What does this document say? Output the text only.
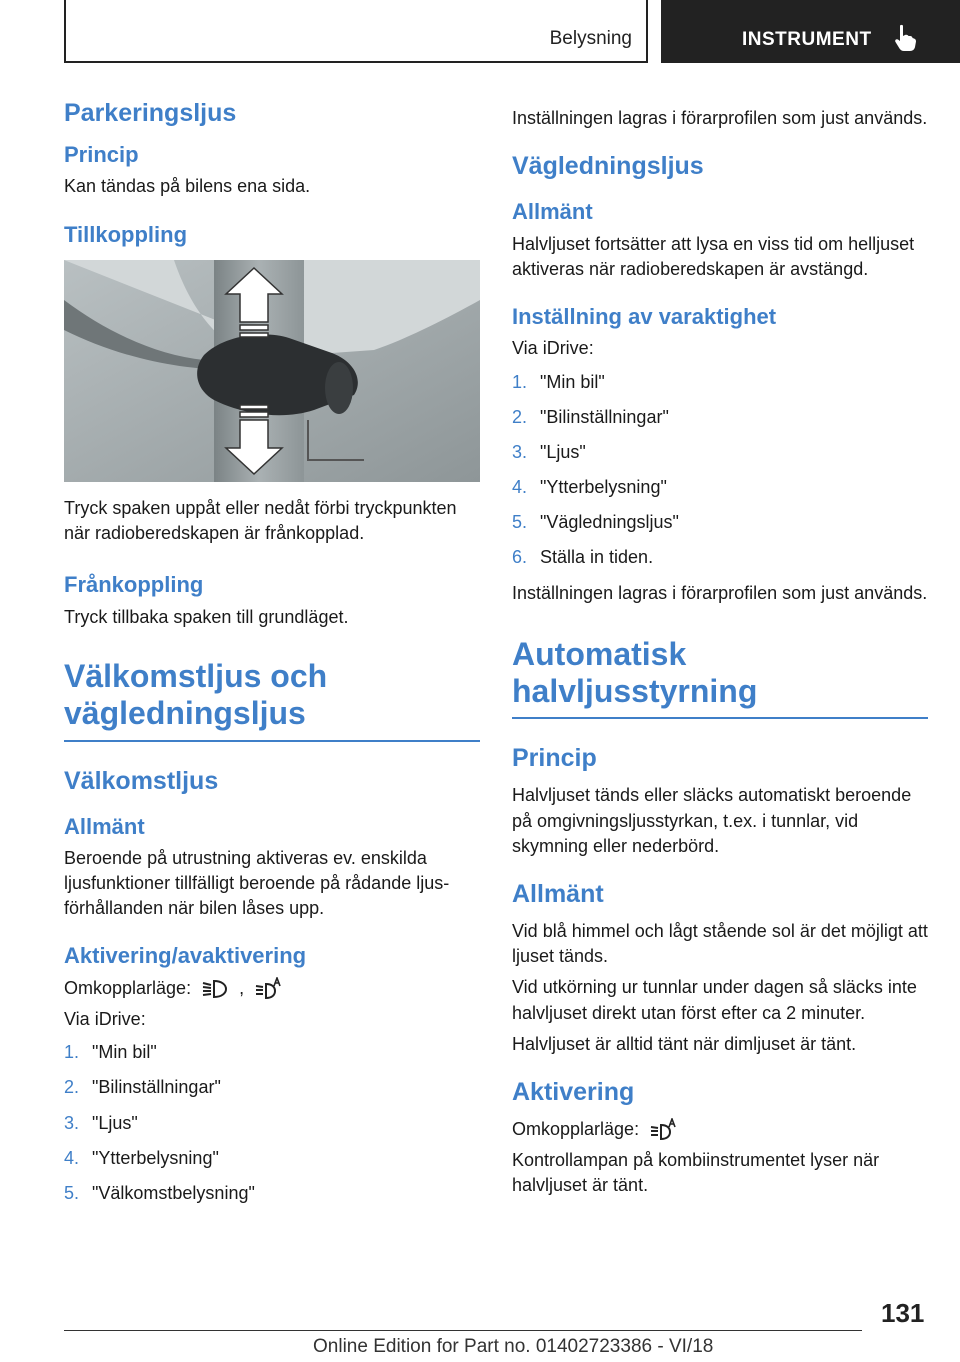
Belysning	INSTRUMENT
Parkeringsljus
Princip

Kan tändas på bilens ena sida.

Tillkoppling

Tryck spaken uppåt eller nedåt förbi tryckpunkten när radioberedskapen är frånkopplad.

Frånkoppling

Tryck tillbaka spaken till grundläget.

Välkomstljus och vägledningsljus
Välkomstljus
Allmänt

Beroende på utrustning aktiveras ev. enskilda ljusfunktioner tillfälligt beroende på rådande ljusförhållanden när bilen låses upp.

Aktivering/avaktivering

Omkopplarläge:	,

Via iDrive:

1. "Min bil"
2. "Bilinställningar"
3. "Ljus"
4. "Ytterbelysning"
5. "Välkomstbelysning"

Inställningen lagras i förarprofilen som just används.

Vägledningsljus
Allmänt

Halvljuset fortsätter att lysa en viss tid om helljuset aktiveras när radioberedskapen är avstängd.

Inställning av varaktighet

Via iDrive:

1. "Min bil"
2. "Bilinställningar"
3. "Ljus"
4. "Ytterbelysning"
5. "Vägledningsljus"
6. Ställa in tiden.

Inställningen lagras i förarprofilen som just används.

Automatisk halvljusstyrning
Princip

Halvljuset tänds eller släcks automatiskt beroende på omgivningsljusstyrkan, t.ex. i tunnlar, vid skymning eller nederbörd.

Allmänt

Vid blå himmel och lågt stående sol är det möjligt att ljuset tänds.

Vid utkörning ur tunnlar under dagen så släcks inte halvljuset direkt utan först efter ca 2 minuter.

Halvljuset är alltid tänt när dimljuset är tänt.

Aktivering

Omkopplarläge:

Kontrollampan på kombiinstrumentet lyser när halvljuset är tänt.

131
Online Edition for Part no. 01402723386 - VI/18
